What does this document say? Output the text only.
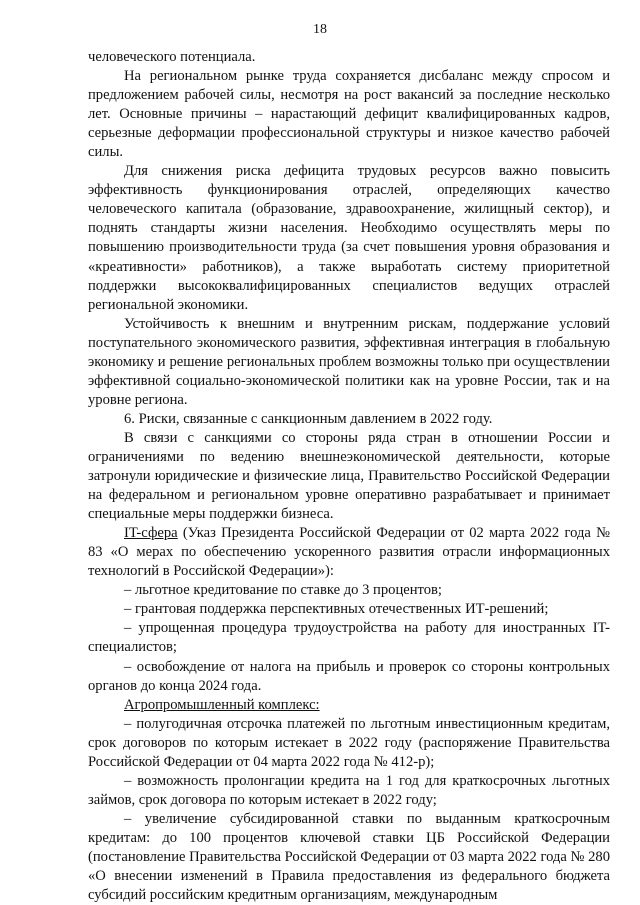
18

человеческого потенциала.

На региональном рынке труда сохраняется дисбаланс между спросом и предложением рабочей силы, несмотря на рост вакансий за последние несколько лет. Основные причины – нарастающий дефицит квалифицированных кадров, серьезные деформации профессиональной структуры и низкое качество рабочей силы.

Для снижения риска дефицита трудовых ресурсов важно повысить эффективность функционирования отраслей, определяющих качество человеческого капитала (образование, здравоохранение, жилищный сектор), и поднять стандарты жизни населения. Необходимо осуществлять меры по повышению производительности труда (за счет повышения уровня образования и «креативности» работников), а также выработать систему приоритетной поддержки высококвалифицированных специалистов ведущих отраслей региональной экономики.

Устойчивость к внешним и внутренним рискам, поддержание условий поступательного экономического развития, эффективная интеграция в глобальную экономику и решение региональных проблем возможны только при осуществлении эффективной социально-экономической политики как на уровне России, так и на уровне региона.

6. Риски, связанные с санкционным давлением в 2022 году.

В связи с санкциями со стороны ряда стран в отношении России и ограничениями по ведению внешнеэкономической деятельности, которые затронули юридические и физические лица, Правительство Российской Федерации на федеральном и региональном уровне оперативно разрабатывает и принимает специальные меры поддержки бизнеса.

IT-сфера (Указ Президента Российской Федерации от 02 марта 2022 года № 83 «О мерах по обеспечению ускоренного развития отрасли информационных технологий в Российской Федерации»):

– льготное кредитование по ставке до 3 процентов;

– грантовая поддержка перспективных отечественных ИТ-решений;

– упрощенная процедура трудоустройства на работу для иностранных IT-специалистов;

– освобождение от налога на прибыль и проверок со стороны контрольных органов до конца 2024 года.

Агропромышленный комплекс:

– полугодичная отсрочка платежей по льготным инвестиционным кредитам, срок договоров по которым истекает в 2022 году (распоряжение Правительства Российской Федерации от 04 марта 2022 года № 412-р);

– возможность пролонгации кредита на 1 год для краткосрочных льготных займов, срок договора по которым истекает в 2022 году;

– увеличение субсидированной ставки по выданным краткосрочным кредитам: до 100 процентов ключевой ставки ЦБ Российской Федерации (постановление Правительства Российской Федерации от 03 марта 2022 года № 280 «О внесении изменений в Правила предоставления из федерального бюджета субсидий российским кредитным организациям, международным
